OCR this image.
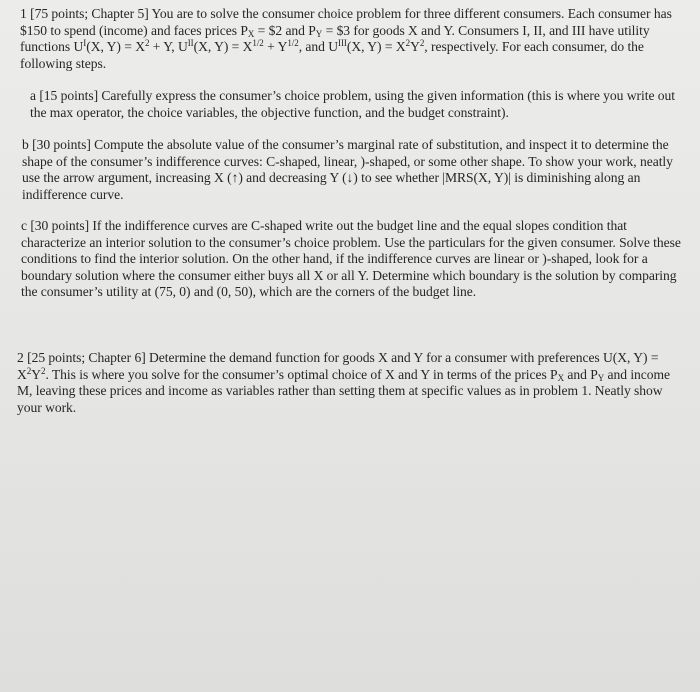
1 [75 points; Chapter 5] You are to solve the consumer choice problem for three different consumers. Each consumer has $150 to spend (income) and faces prices $P_X$ = $2 and $P_Y$ = $3 for goods X and Y. Consumers I, II, and III have utility functions $U^I(X$, $Y) = X^2 + Y$, $U^{II}(X$, $Y) = X^{1/2} + Y^{1/2}$, and $U^{III}(X$, $Y) = X^2Y^2$, respectively. For each consumer, do the following steps.

a [15 points] Carefully express the consumer’s choice problem, using the given information (this is where you write out the max operator, the choice variables, the objective function, and the budget constraint).

b [30 points] Compute the absolute value of the consumer’s marginal rate of substitution, and inspect it to determine the shape of the consumer’s indifference curves: C-shaped, linear, )-shaped, or some other shape. To show your work, neatly use the arrow argument, increasing X (↑) and decreasing Y (↓) to see whether |MRS(X, Y)| is diminishing along an indifference curve.

c [30 points] If the indifference curves are C-shaped write out the budget line and the equal slopes condition that characterize an interior solution to the consumer’s choice problem. Use the particulars for the given consumer. Solve these conditions to find the interior solution. On the other hand, if the indifference curves are linear or )-shaped, look for a boundary solution where the consumer either buys all X or all Y. Determine which boundary is the solution by comparing the consumer’s utility at (75, 0) and (0, 50), which are the corners of the budget line.

2 [25 points; Chapter 6] Determine the demand function for goods X and Y for a consumer with preferences U(X, $Y) = X^2Y^2$. This is where you solve for the consumer’s optimal choice of X and Y in terms of the prices $P_X$ and $P_Y$ and income M, leaving these prices and income as variables rather than setting them at specific values as in problem 1. Neatly show your work.
